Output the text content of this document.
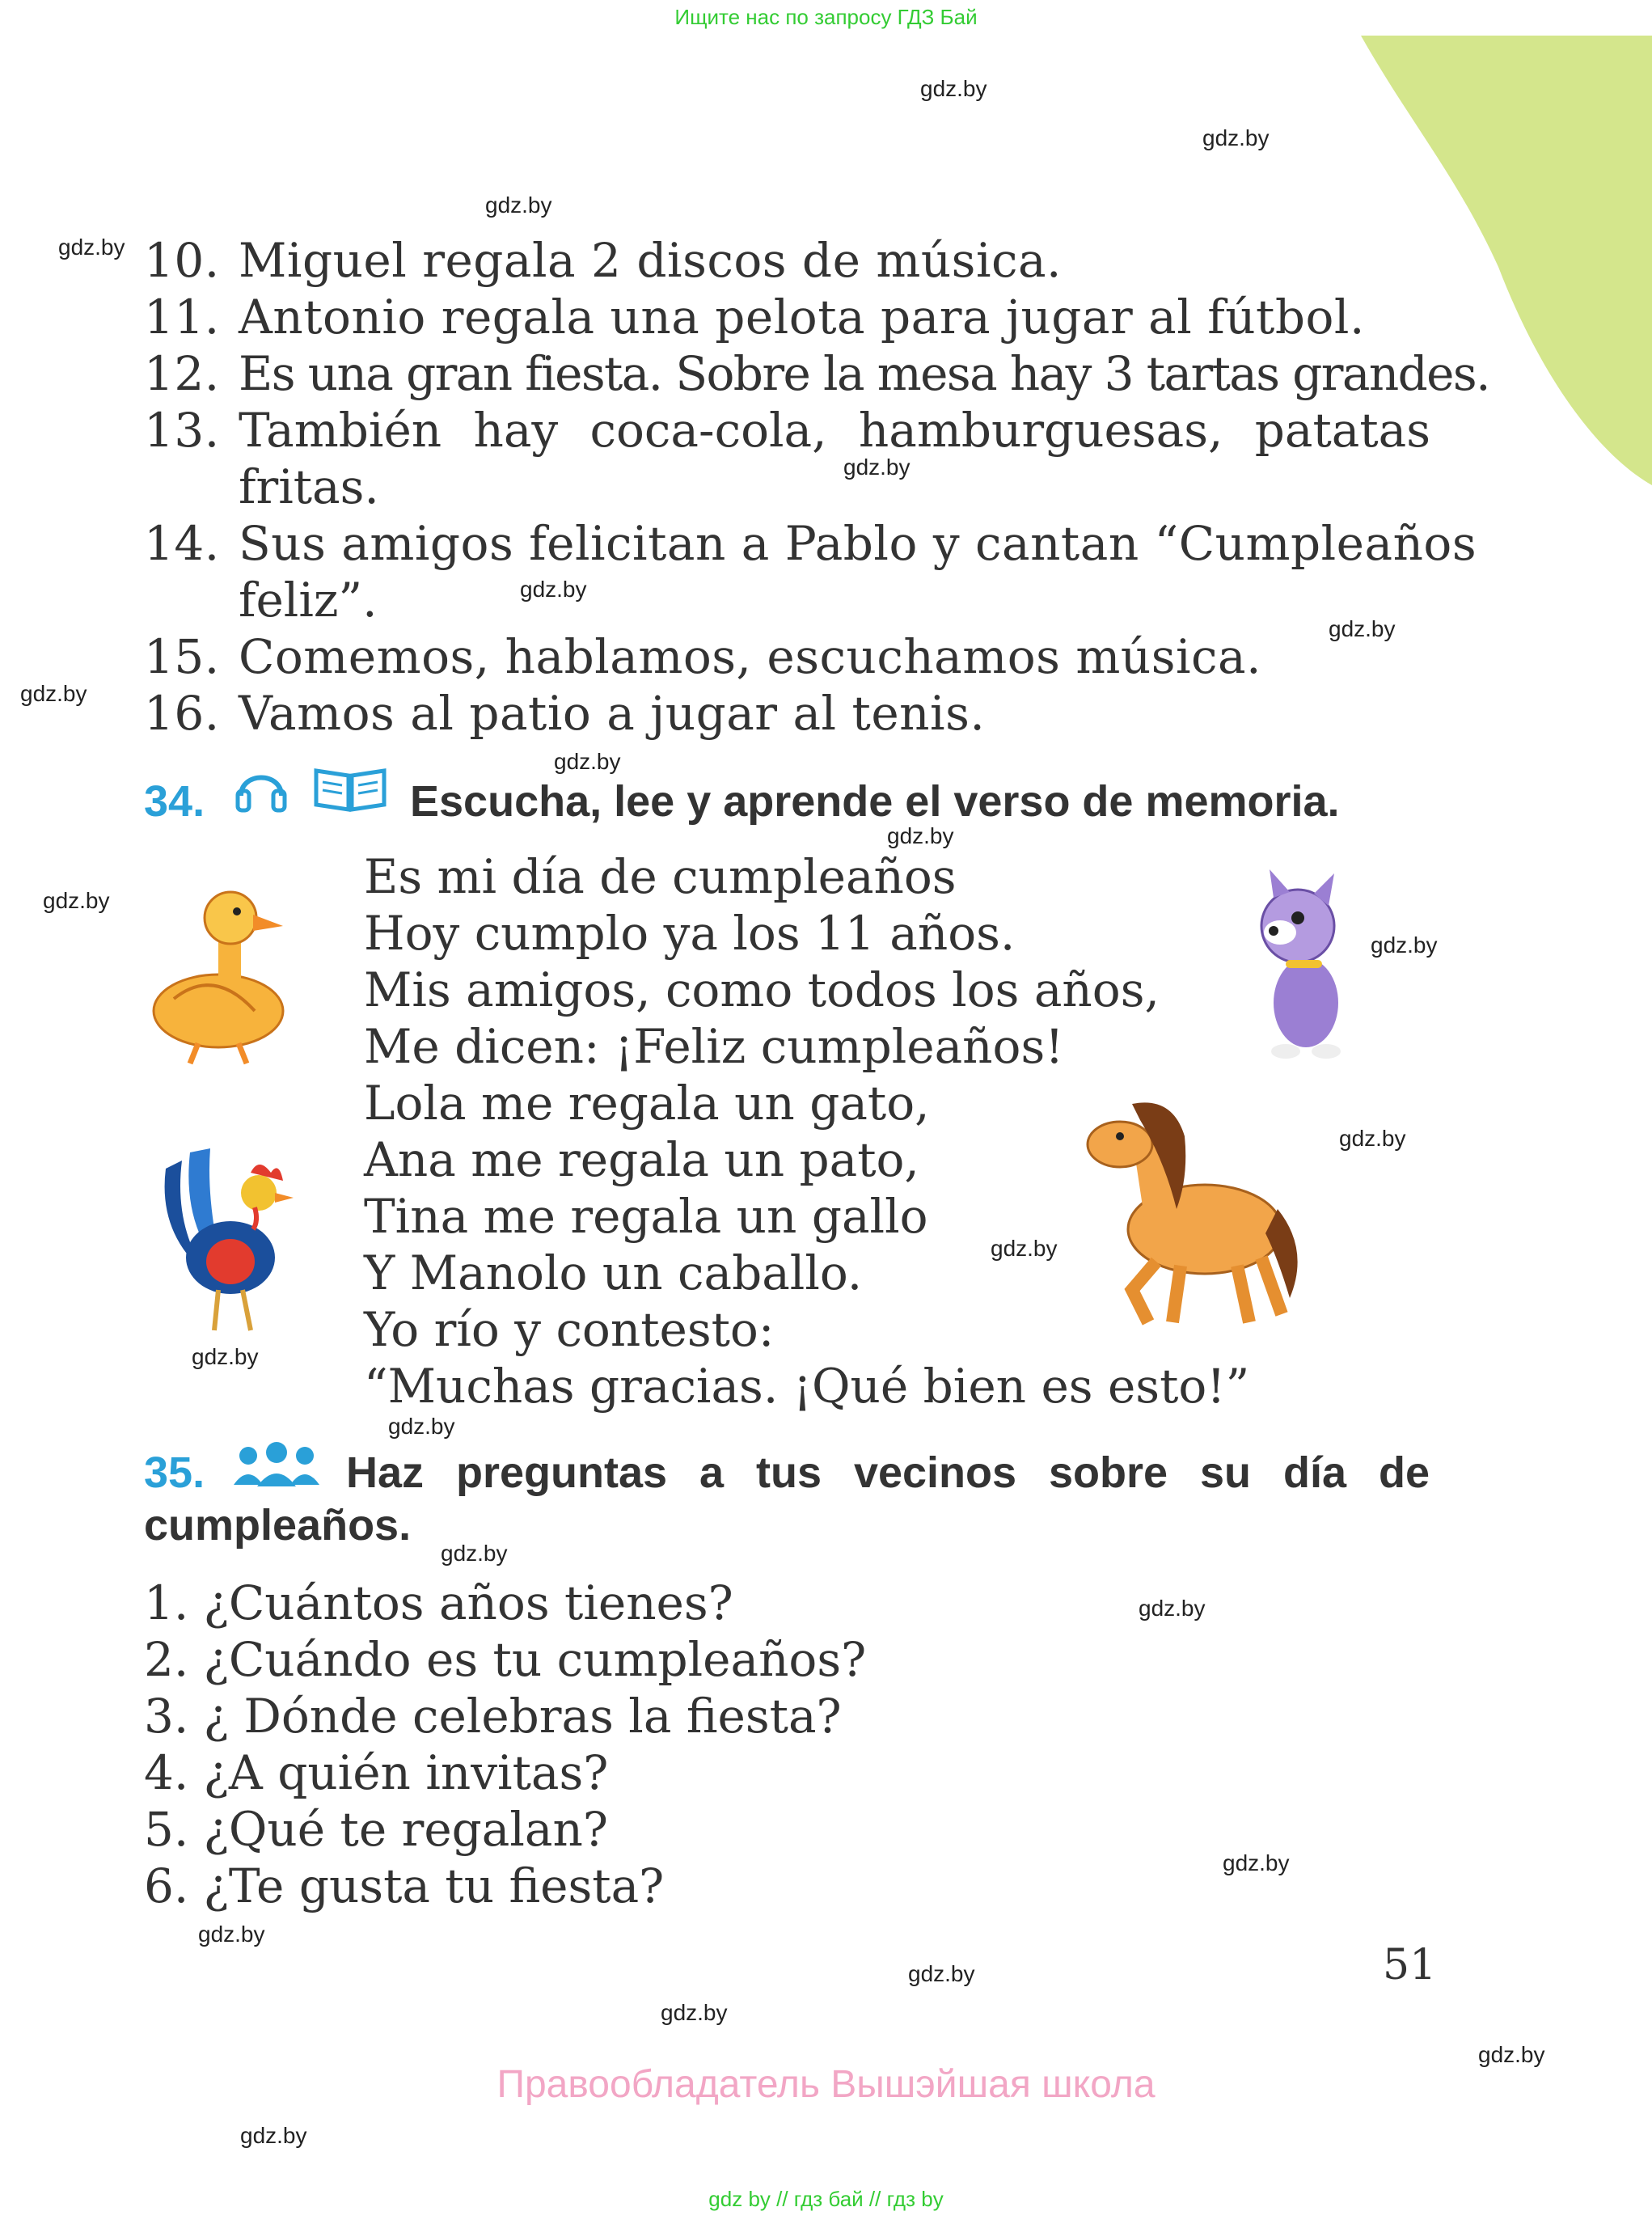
Ищите нас по запросу ГДЗ Бай
gdz.by
gdz.by
gdz.by
gdz.by
gdz.by
gdz.by
gdz.by
gdz.by
gdz.by
gdz.by
gdz.by
gdz.by
gdz.by
gdz.by
gdz.by
gdz.by
gdz.by
gdz.by
gdz.by
gdz.by
gdz.by
gdz.by
gdz.by
gdz.by
10. Miguel regala 2 discos de música.
11. Antonio regala una pelota para jugar al fútbol.
12. Es una gran fiesta. Sobre la mesa hay 3 tartas grandes.
13. También hay coca-cola, hamburguesas, patatas
fritas.
14. Sus amigos felicitan a Pablo y cantan “Cumpleaños
feliz”.
15. Comemos, hablamos, escuchamos música.
16. Vamos al patio a jugar al tenis.
34.	Escucha, lee y aprende el verso de memoria.
Es mi día de cumpleaños
Hoy cumplo ya los 11 años.
Mis amigos, como todos los años,
Me dicen: ¡Feliz cumpleaños!
Lola me regala un gato,
Ana me regala un pato,
Tina me regala un gallo
Y Manolo un caballo.
Yo río y contesto:
“Muchas gracias. ¡Qué bien es esto!”
35.	Haz preguntas a tus vecinos sobre su día de
cumpleaños.
1. ¿Cuántos años tienes?
2. ¿Cuándo es tu cumpleaños?
3. ¿ Dónde celebras la fiesta?
4. ¿A quién invitas?
5. ¿Qué te regalan?
6. ¿Te gusta tu fiesta?
51
Правообладатель Вышэйшая школа
gdz by // гдз бай // гдз by
